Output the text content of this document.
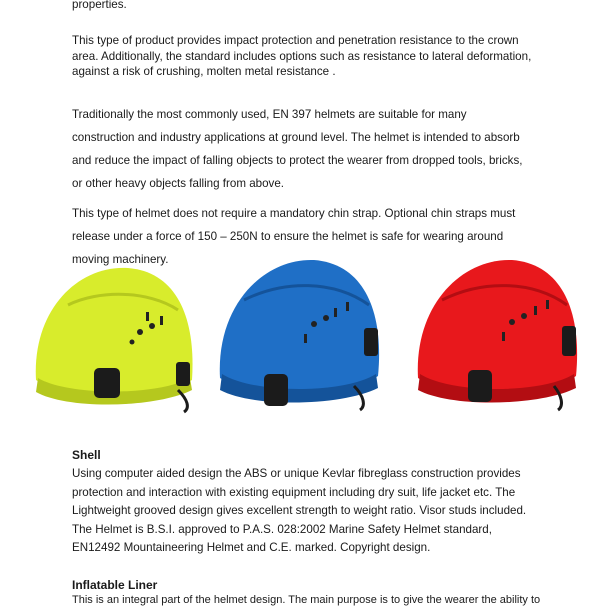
properties.

This type of product provides impact protection and penetration resistance to the crown area. Additionally, the standard includes options such as resistance to lateral deformation, against a risk of crushing, molten metal resistance .

Traditionally the most commonly used, EN 397 helmets are suitable for many construction and industry applications at ground level. The helmet is intended to absorb and reduce the impact of falling objects to protect the wearer from dropped tools, bricks, or other heavy objects falling from above.

This type of helmet does not require a mandatory chin strap. Optional chin straps must release under a force of 150 – 250N to ensure the helmet is safe for wearing around moving machinery.

Shell

Using computer aided design the ABS or unique Kevlar fibreglass construction provides protection and interaction with existing equipment including dry suit, life jacket etc. The Lightweight grooved design gives excellent strength to weight ratio. Visor studs included. The Helmet is B.S.I. approved to P.A.S. 028:2002 Marine Safety Helmet standard, EN12492 Mountaineering Helmet and C.E. marked. Copyright design.

Inflatable Liner

This is an integral part of the helmet design. The main purpose is to give the wearer the ability to
